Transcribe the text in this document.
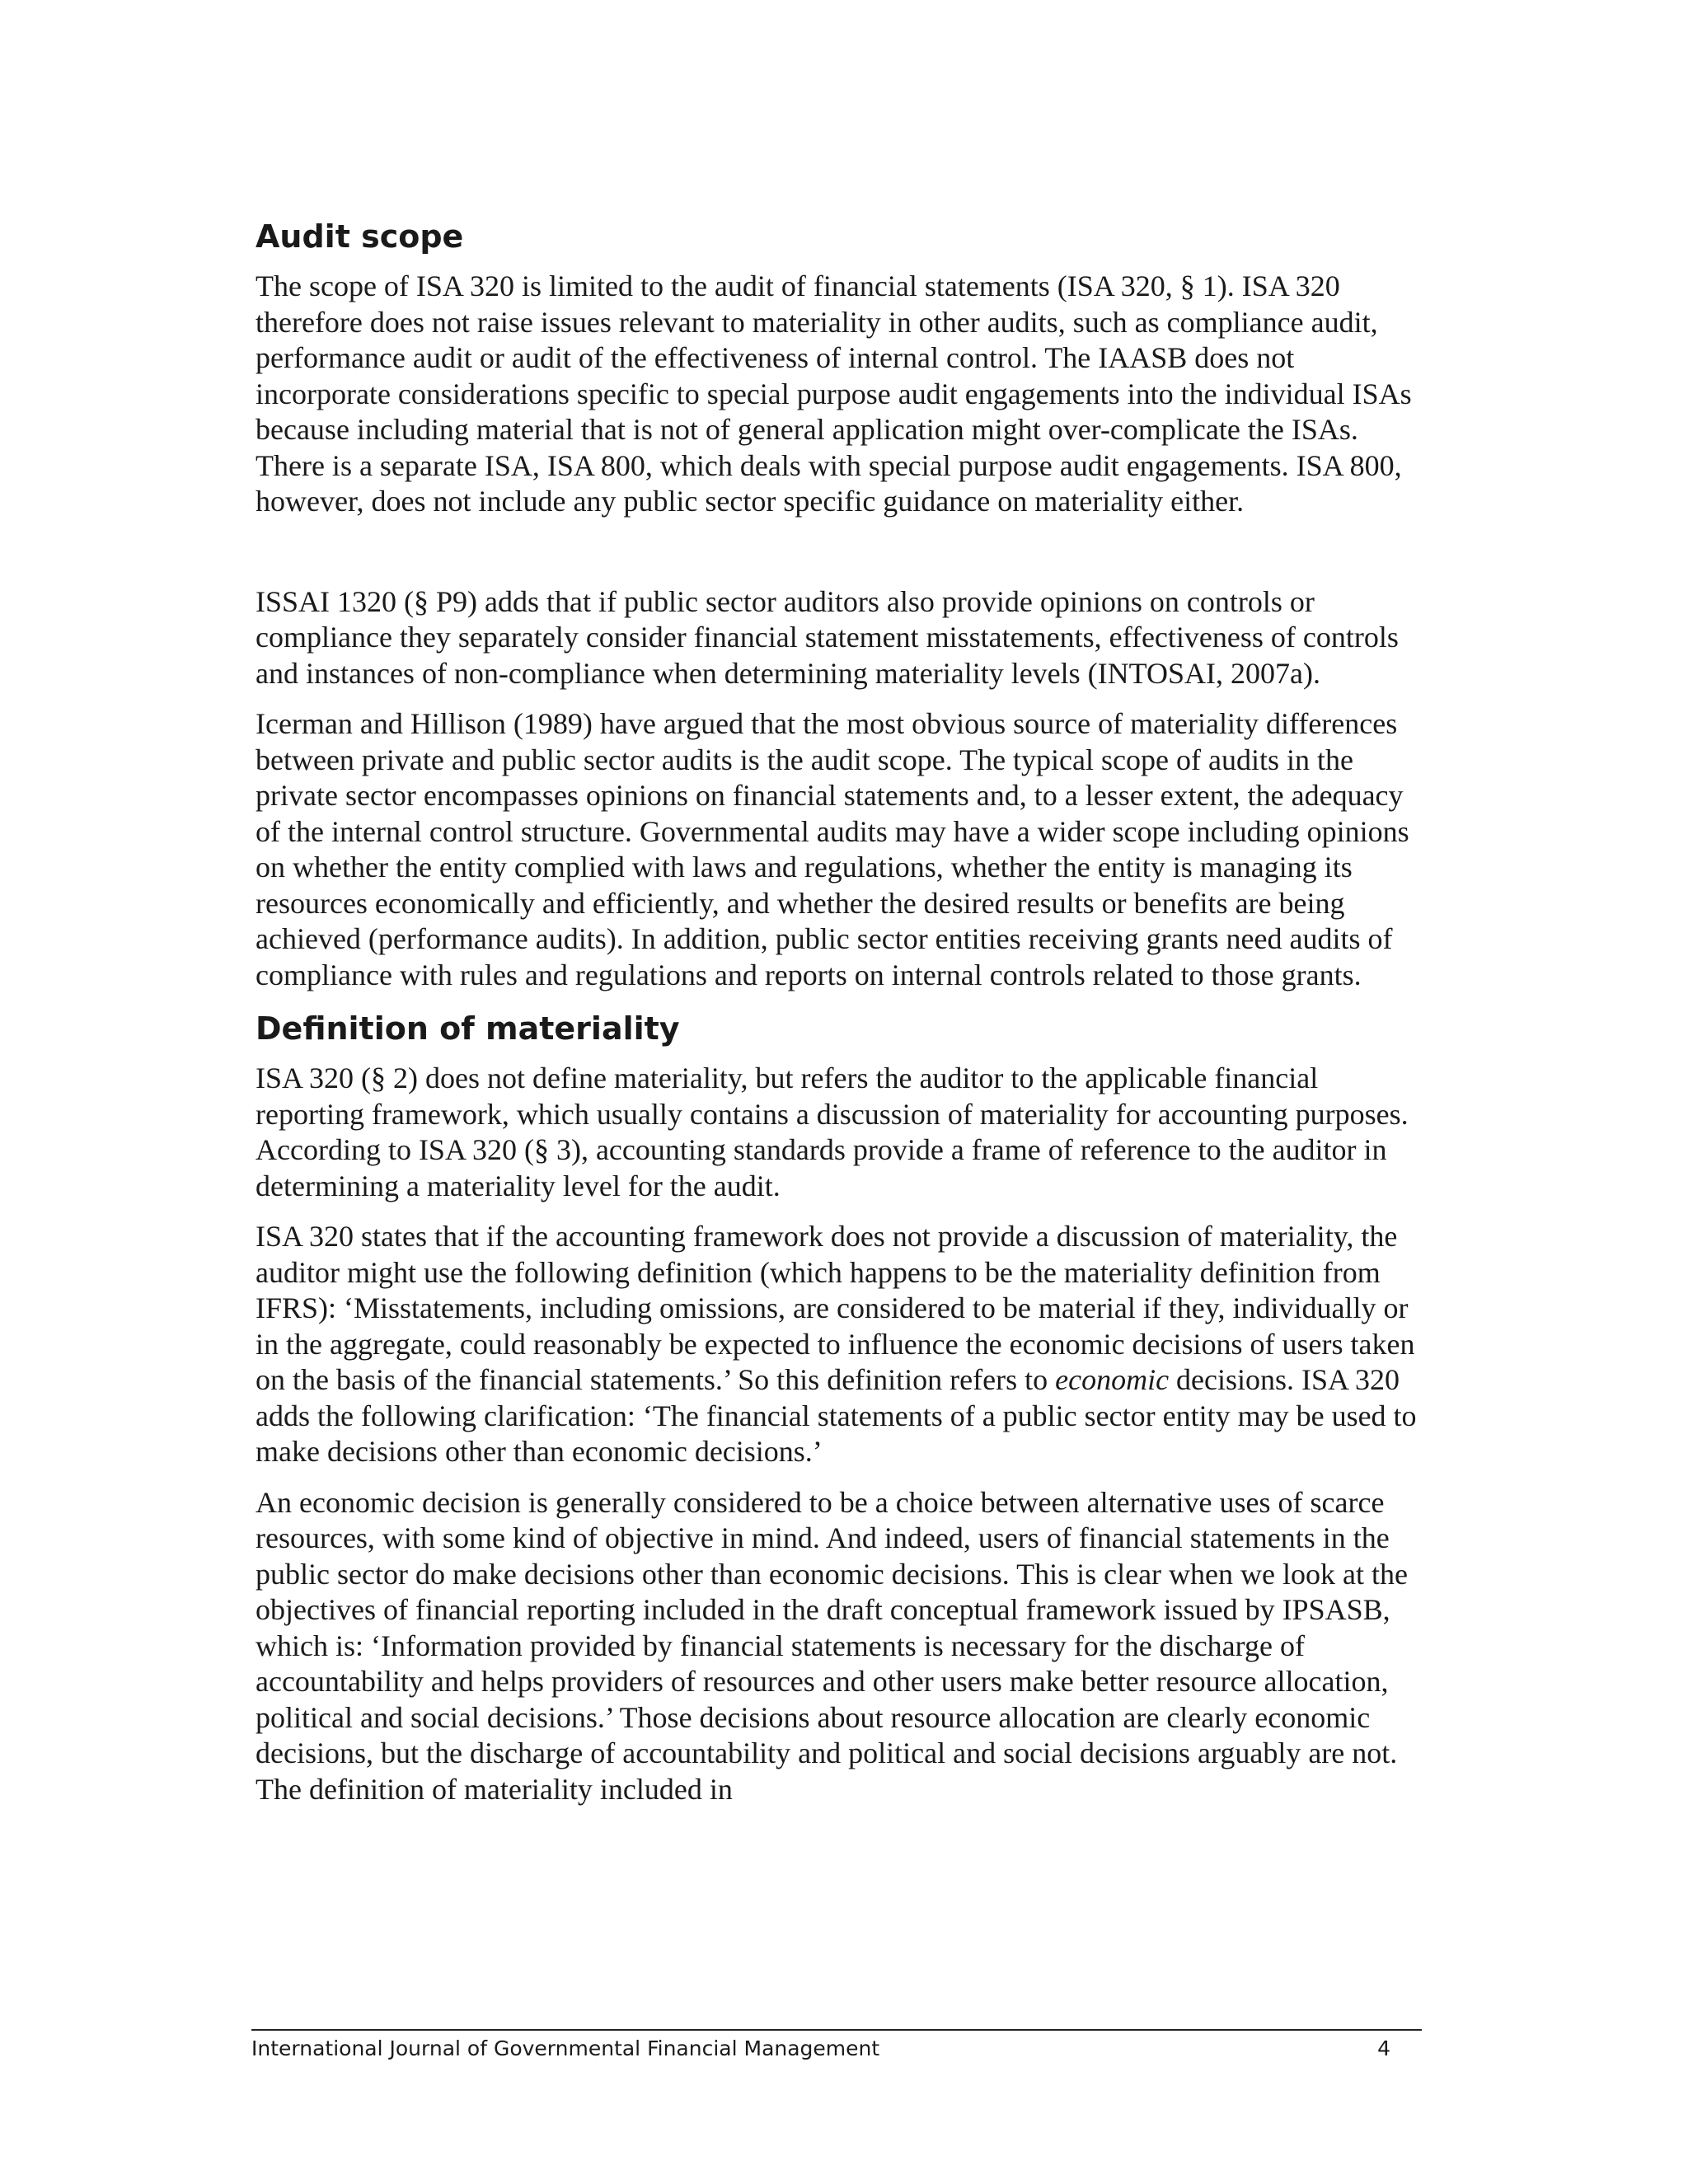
Audit scope

The scope of ISA 320 is limited to the audit of financial statements (ISA 320, § 1). ISA 320 therefore does not raise issues relevant to materiality in other audits, such as compliance audit, performance audit or audit of the effectiveness of internal control. The IAASB does not incorporate considerations specific to special purpose audit engagements into the individual ISAs because including material that is not of general application might over-complicate the ISAs. There is a separate ISA, ISA 800, which deals with special purpose audit engagements. ISA 800, however, does not include any public sector specific guidance on materiality either.

ISSAI 1320 (§ P9) adds that if public sector auditors also provide opinions on controls or compliance they separately consider financial statement misstatements, effectiveness of controls and instances of non-compliance when determining materiality levels (INTOSAI, 2007a).

Icerman and Hillison (1989) have argued that the most obvious source of materiality differences between private and public sector audits is the audit scope. The typical scope of audits in the private sector encompasses opinions on financial statements and, to a lesser extent, the adequacy of the internal control structure. Governmental audits may have a wider scope including opinions on whether the entity complied with laws and regulations, whether the entity is managing its resources economically and efficiently, and whether the desired results or benefits are being achieved (performance audits). In addition, public sector entities receiving grants need audits of compliance with rules and regulations and reports on internal controls related to those grants.

Definition of materiality

ISA 320 (§ 2) does not define materiality, but refers the auditor to the applicable financial reporting framework, which usually contains a discussion of materiality for accounting purposes. According to ISA 320 (§ 3), accounting standards provide a frame of reference to the auditor in determining a materiality level for the audit.

ISA 320 states that if the accounting framework does not provide a discussion of materiality, the auditor might use the following definition (which happens to be the materiality definition from IFRS): ‘Misstatements, including omissions, are considered to be material if they, individually or in the aggregate, could reasonably be expected to influence the economic decisions of users taken on the basis of the financial statements.’ So this definition refers to economic decisions. ISA 320 adds the following clarification: ‘The financial statements of a public sector entity may be used to make decisions other than economic decisions.’

An economic decision is generally considered to be a choice between alternative uses of scarce resources, with some kind of objective in mind. And indeed, users of financial statements in the public sector do make decisions other than economic decisions. This is clear when we look at the objectives of financial reporting included in the draft conceptual framework issued by IPSASB, which is: ‘Information provided by financial statements is necessary for the discharge of accountability and helps providers of resources and other users make better resource allocation, political and social decisions.’ Those decisions about resource allocation are clearly economic decisions, but the discharge of accountability and political and social decisions arguably are not. The definition of materiality included in

International Journal of Governmental Financial Management	4
